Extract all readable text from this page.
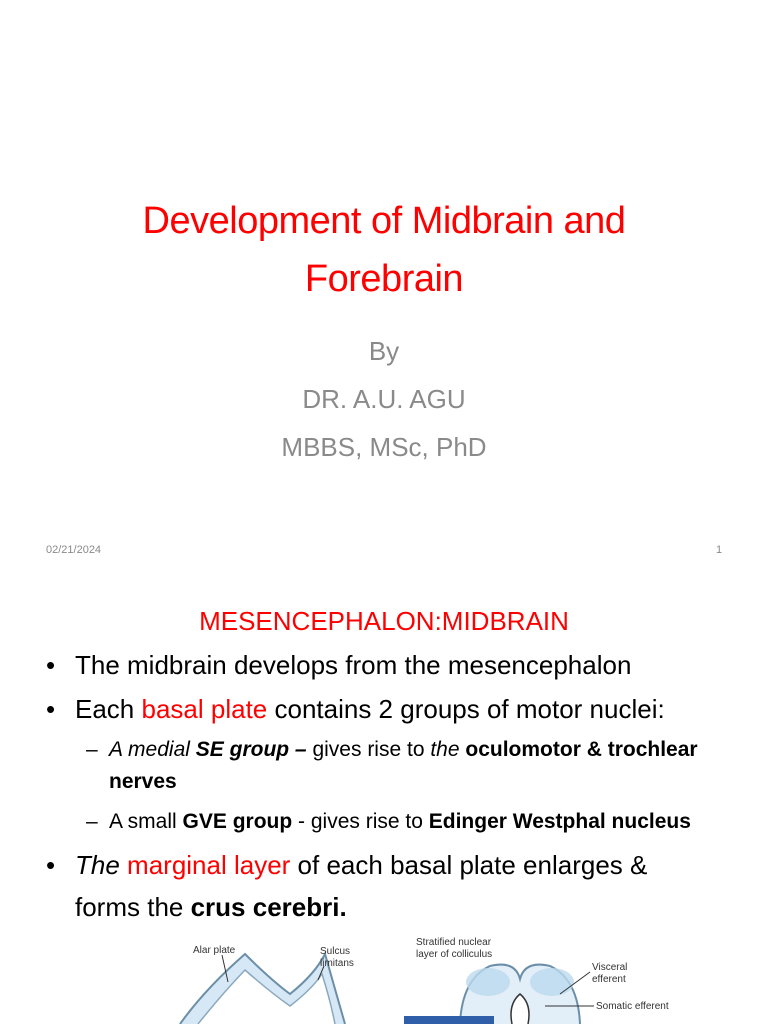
Development of Midbrain and
Forebrain
By
DR. A.U. AGU
MBBS, MSc, PhD
02/21/2024	1
MESENCEPHALON:MIDBRAIN
• The midbrain develops from the mesencephalon
• Each basal plate contains 2 groups of motor nuclei:
– A medial SE group – gives rise to the oculomotor & trochlear
nerves
– A small GVE group - gives rise to Edinger Westphal nucleus
• The marginal layer of each basal plate enlarges &
forms the crus cerebri.
Alar plate	Sulcus
limitans
Stratified nuclear
layer of colliculus
Visceral
efferent
Somatic efferent
